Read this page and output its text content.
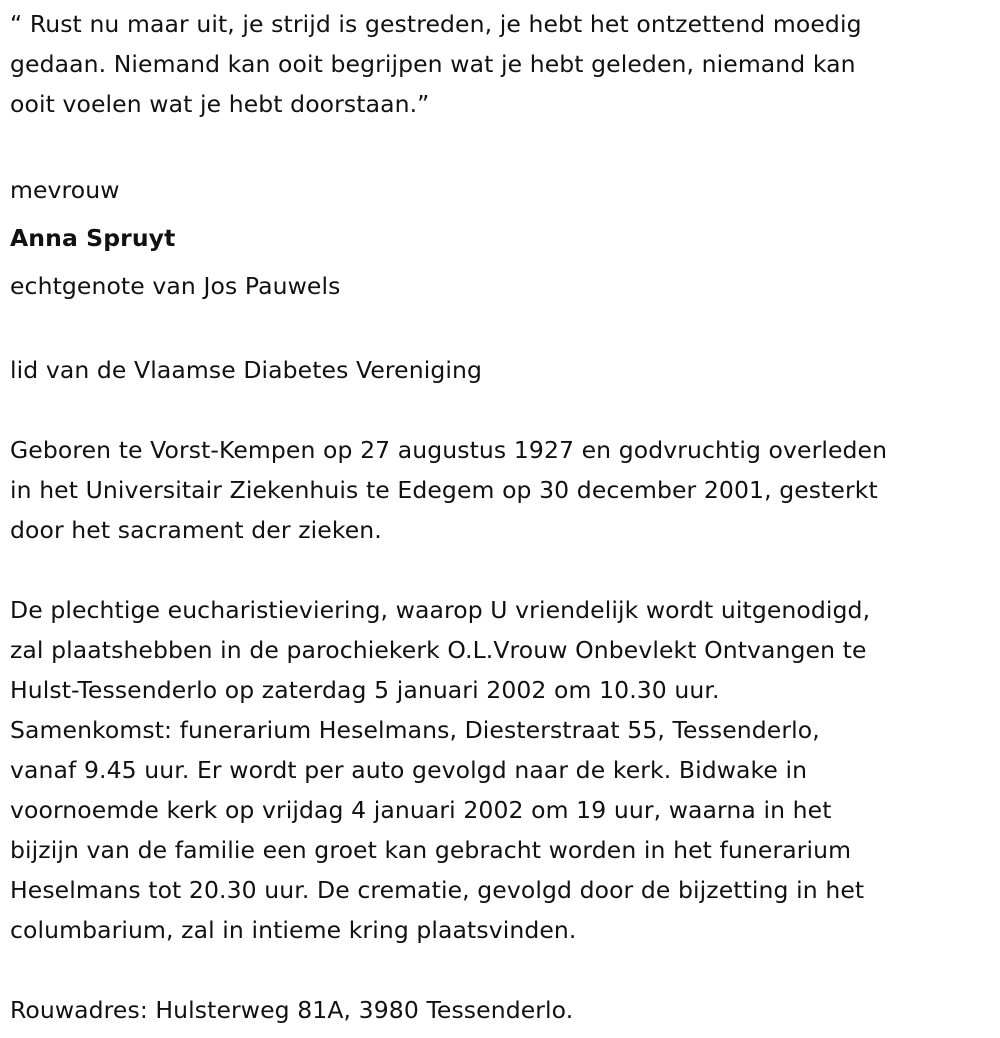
“ Rust nu maar uit, je strijd is gestreden, je hebt het ontzettend moedig
gedaan. Niemand kan ooit begrijpen wat je hebt geleden, niemand kan
ooit voelen wat je hebt doorstaan.”
mevrouw
Anna Spruyt
echtgenote van Jos Pauwels
lid van de Vlaamse Diabetes Vereniging
Geboren te Vorst-Kempen op 27 augustus 1927 en godvruchtig overleden
in het Universitair Ziekenhuis te Edegem op 30 december 2001, gesterkt
door het sacrament der zieken.
De plechtige eucharistieviering, waarop U vriendelijk wordt uitgenodigd,
zal plaatshebben in de parochiekerk O.L.Vrouw Onbevlekt Ontvangen te
Hulst-Tessenderlo op zaterdag 5 januari 2002 om 10.30 uur.
Samenkomst: funerarium Heselmans, Diesterstraat 55, Tessenderlo,
vanaf 9.45 uur. Er wordt per auto gevolgd naar de kerk. Bidwake in
voornoemde kerk op vrijdag 4 januari 2002 om 19 uur, waarna in het
bijzijn van de familie een groet kan gebracht worden in het funerarium
Heselmans tot 20.30 uur. De crematie, gevolgd door de bijzetting in het
columbarium, zal in intieme kring plaatsvinden.
Rouwadres: Hulsterweg 81A, 3980 Tessenderlo.
